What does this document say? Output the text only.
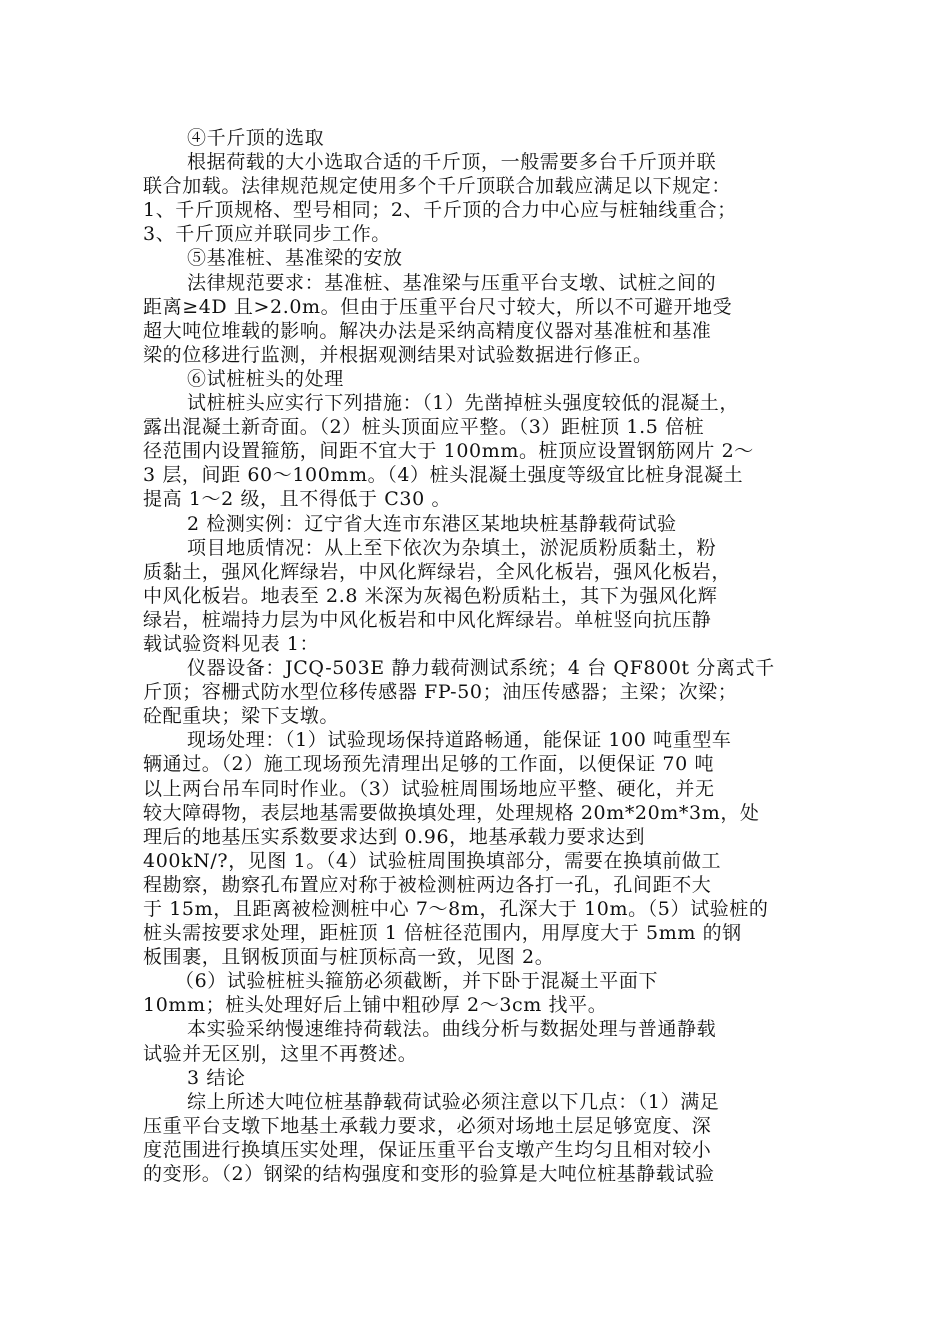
④千斤顶的选取
根据荷载的大小选取合适的千斤顶，一般需要多台千斤顶并联
联合加载。法律规范规定使用多个千斤顶联合加载应满足以下规定：
1、千斤顶规格、型号相同；2、千斤顶的合力中心应与桩轴线重合；
3、千斤顶应并联同步工作。
⑤基准桩、基准梁的安放
法律规范要求：基准桩、基准梁与压重平台支墩、试桩之间的
距离≥4D 且>2.0m。但由于压重平台尺寸较大，所以不可避开地受
超大吨位堆载的影响。解决办法是采纳高精度仪器对基准桩和基准
梁的位移进行监测，并根据观测结果对试验数据进行修正。
⑥试桩桩头的处理
试桩桩头应实行下列措施：（1）先凿掉桩头强度较低的混凝土，
露出混凝土新奇面。（2）桩头顶面应平整。（3）距桩顶 1.5 倍桩
径范围内设置箍筋，间距不宜大于 100mm。桩顶应设置钢筋网片 2～
3 层，间距 60～100mm。（4）桩头混凝土强度等级宜比桩身混凝土
提高 1～2 级，且不得低于 C30 。
2 检测实例：辽宁省大连市东港区某地块桩基静载荷试验
项目地质情况：从上至下依次为杂填土，淤泥质粉质黏土，粉
质黏土，强风化辉绿岩，中风化辉绿岩，全风化板岩，强风化板岩，
中风化板岩。地表至 2.8 米深为灰褐色粉质粘土，其下为强风化辉
绿岩，桩端持力层为中风化板岩和中风化辉绿岩。单桩竖向抗压静
载试验资料见表 1：
仪器设备：JCQ-503E 静力载荷测试系统；4 台 QF800t 分离式千
斤顶；容栅式防水型位移传感器 FP-50；油压传感器；主梁；次梁；
砼配重块；梁下支墩。
现场处理：（1）试验现场保持道路畅通，能保证 100 吨重型车
辆通过。（2）施工现场预先清理出足够的工作面，以便保证 70 吨
以上两台吊车同时作业。（3）试验桩周围场地应平整、硬化，并无
较大障碍物，表层地基需要做换填处理，处理规格 20m*20m*3m，处
理后的地基压实系数要求达到 0.96，地基承载力要求达到
400kN/?，见图 1。（4）试验桩周围换填部分，需要在换填前做工
程勘察，勘察孔布置应对称于被检测桩两边各打一孔，孔间距不大
于 15m，且距离被检测桩中心 7～8m，孔深大于 10m。（5）试验桩的
桩头需按要求处理，距桩顶 1 倍桩径范围内，用厚度大于 5mm 的钢
板围裹，且钢板顶面与桩顶标高一致，见图 2。
（6）试验桩桩头箍筋必须截断，并下卧于混凝土平面下
10mm；桩头处理好后上铺中粗砂厚 2～3cm 找平。
本实验采纳慢速维持荷载法。曲线分析与数据处理与普通静载
试验并无区别，这里不再赘述。
3 结论
综上所述大吨位桩基静载荷试验必须注意以下几点：（1）满足
压重平台支墩下地基土承载力要求，必须对场地土层足够宽度、深
度范围进行换填压实处理，保证压重平台支墩产生均匀且相对较小
的变形。（2）钢梁的结构强度和变形的验算是大吨位桩基静载试验
